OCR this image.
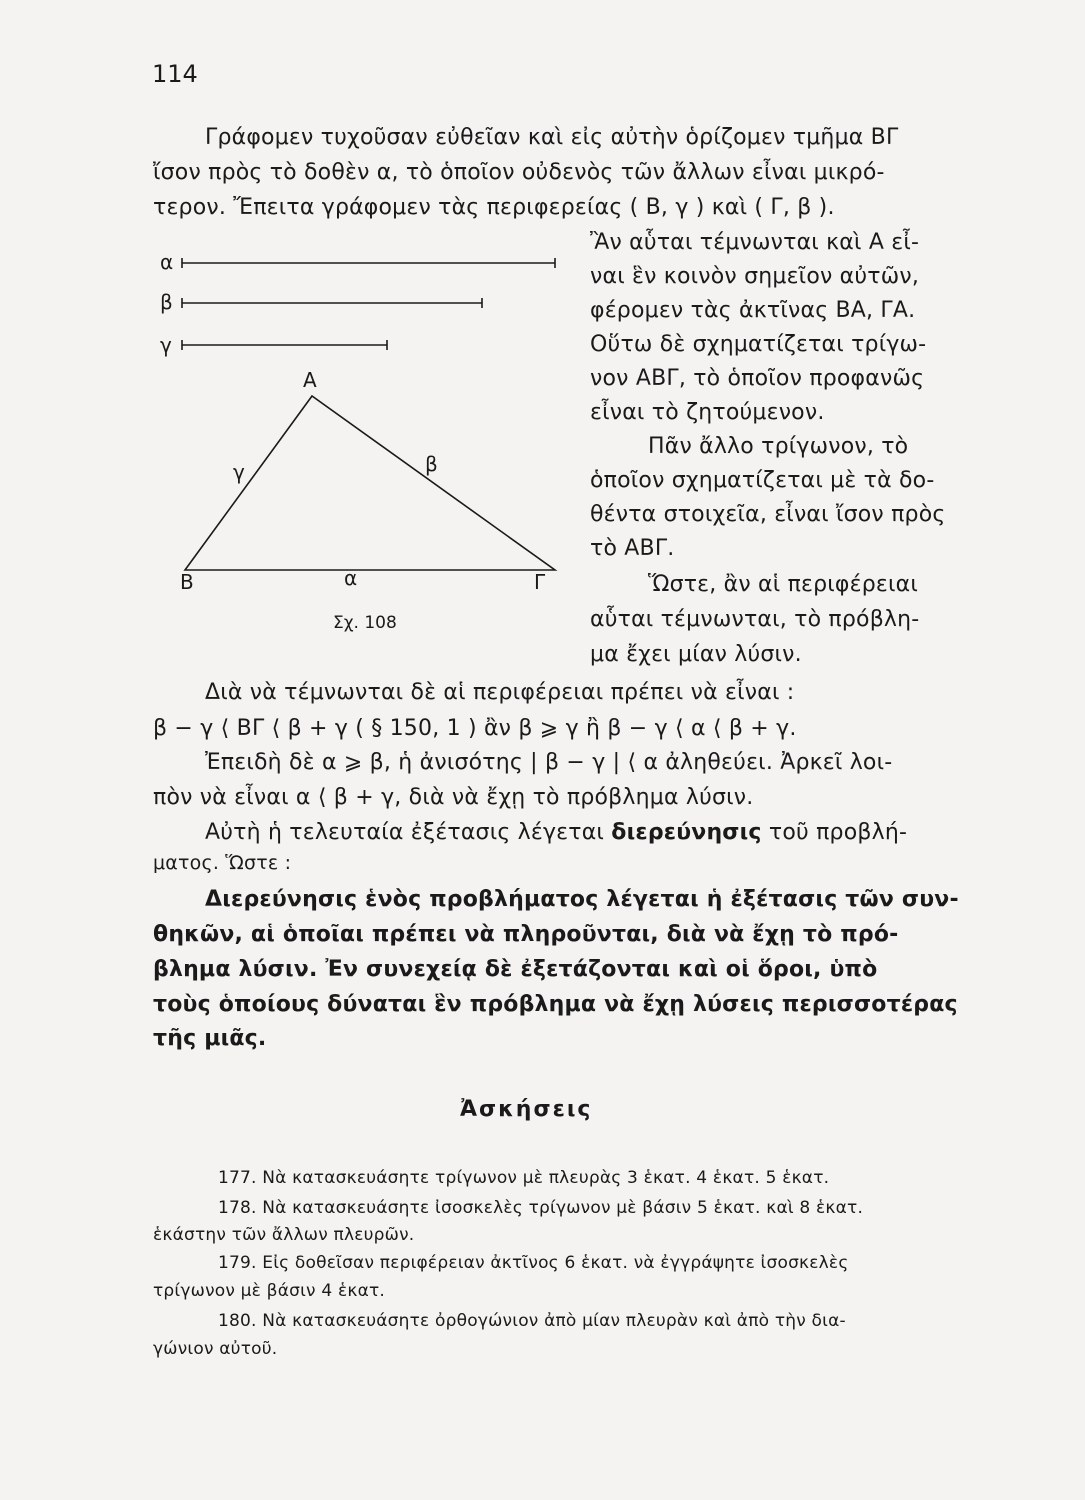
114
Γράφομεν τυχοῦσαν εὐθεῖαν καὶ εἰς αὐτὴν ὁρίζομεν τμῆμα ΒΓ
ἴσον πρὸς τὸ δοθὲν α, τὸ ὁποῖον οὐδενὸς τῶν ἄλλων εἶναι μικρό-
τερον. Ἔπειτα γράφομεν τὰς περιφερείας ( Β, γ ) καὶ ( Γ, β ).
α
β
γ
Α
γ	β
Β	α	Γ
Σχ. 108
Ἂν αὗται τέμνωνται καὶ Α εἶ-
ναι ἓν κοινὸν σημεῖον αὐτῶν,
φέρομεν τὰς ἀκτῖνας ΒΑ, ΓΑ.
Οὕτω δὲ σχηματίζεται τρίγω-
νον ΑΒΓ, τὸ ὁποῖον προφανῶς
εἶναι τὸ ζητούμενον.
Πᾶν ἄλλο τρίγωνον, τὸ
ὁποῖον σχηματίζεται μὲ τὰ δο-
θέντα στοιχεῖα, εἶναι ἴσον πρὸς
τὸ ΑΒΓ.
Ὥστε, ἂν αἱ περιφέρειαι
αὗται τέμνωνται, τὸ πρόβλη-
μα ἔχει μίαν λύσιν.
Διὰ νὰ τέμνωνται δὲ αἱ περιφέρειαι πρέπει νὰ εἶναι :
β − γ ⟨ ΒΓ ⟨ β + γ ( § 150, 1 ) ἂν β ⩾ γ ἢ β − γ ⟨ α ⟨ β + γ.
Ἐπειδὴ δὲ α ⩾ β, ἡ ἀνισότης | β − γ | ⟨ α ἀληθεύει. Ἀρκεῖ λοι-
πὸν νὰ εἶναι α ⟨ β + γ, διὰ νὰ ἔχῃ τὸ πρόβλημα λύσιν.
Αὐτὴ ἡ τελευταία ἐξέτασις λέγεται διερεύνησις τοῦ προβλή-
ματος. Ὥστε :
Διερεύνησις ἑνὸς προβλήματος λέγεται ἡ ἐξέτασις τῶν συν-
θηκῶν, αἱ ὁποῖαι πρέπει νὰ πληροῦνται, διὰ νὰ ἔχῃ τὸ πρό-
βλημα λύσιν. Ἐν συνεχείᾳ δὲ ἐξετάζονται καὶ οἱ ὅροι, ὑπὸ
τοὺς ὁποίους δύναται ἓν πρόβλημα νὰ ἔχῃ λύσεις περισσοτέρας
τῆς μιᾶς.
Ἀσκήσεις
177. Νὰ κατασκευάσητε τρίγωνον μὲ πλευρὰς 3 ἑκατ. 4 ἑκατ. 5 ἑκατ.
178. Νὰ κατασκευάσητε ἰσοσκελὲς τρίγωνον μὲ βάσιν 5 ἑκατ. καὶ 8 ἑκατ.
ἑκάστην τῶν ἄλλων πλευρῶν.
179. Εἰς δοθεῖσαν περιφέρειαν ἀκτῖνος 6 ἑκατ. νὰ ἐγγράψητε ἰσοσκελὲς
τρίγωνον μὲ βάσιν 4 ἑκατ.
180. Νὰ κατασκευάσητε ὀρθογώνιον ἀπὸ μίαν πλευρὰν καὶ ἀπὸ τὴν δια-
γώνιον αὐτοῦ.
